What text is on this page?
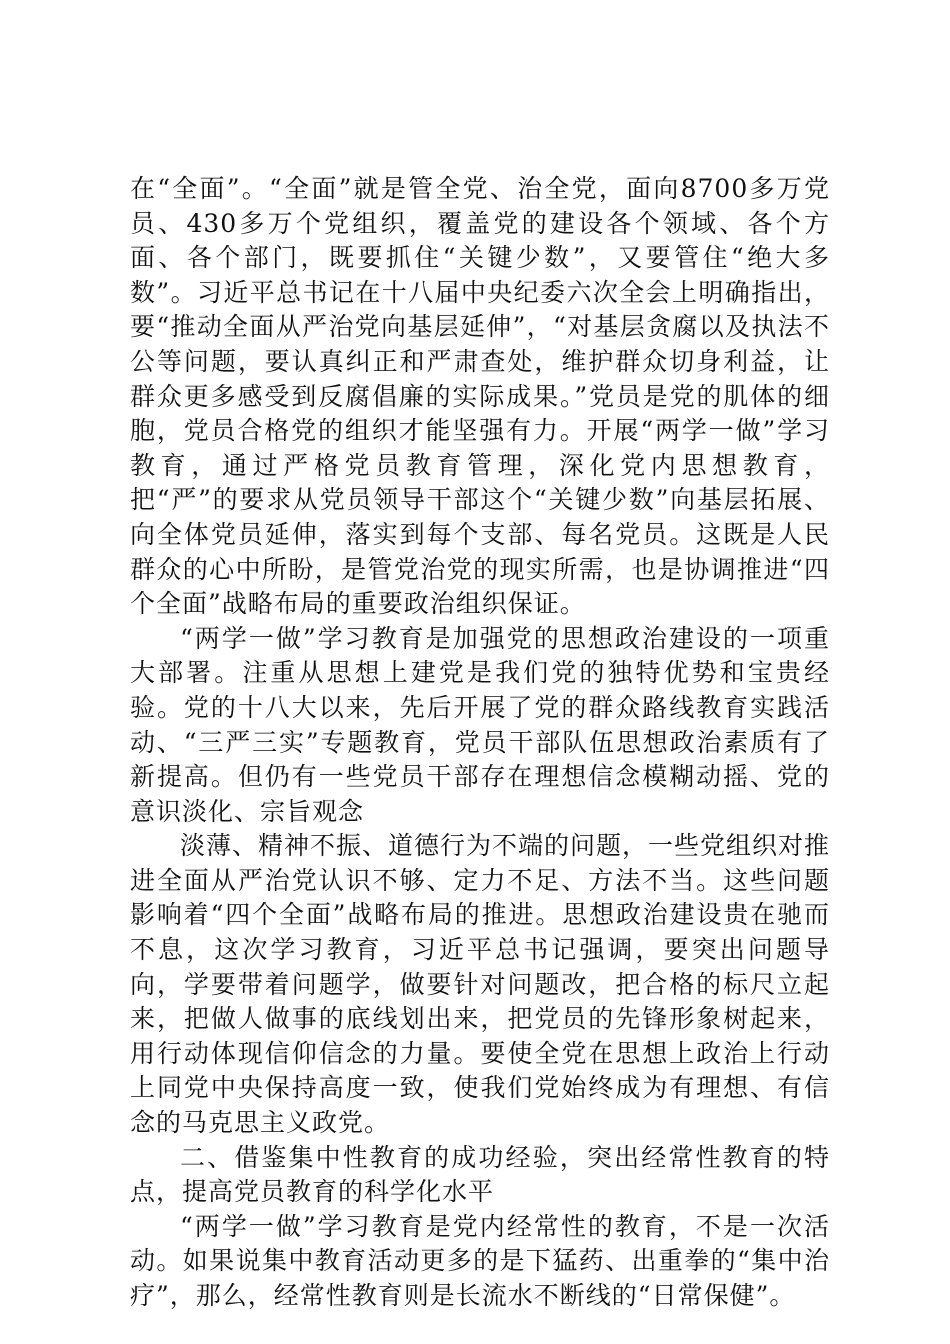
在“全面”。“全面”就是管全党、治全党，面向8700多万党员、430多万个党组织，覆盖党的建设各个领域、各个方面、各个部门，既要抓住“关键少数”，又要管住“绝大多数”。习近平总书记在十八届中央纪委六次全会上明确指出，要“推动全面从严治党向基层延伸”，“对基层贪腐以及执法不公等问题，要认真纠正和严肃查处，维护群众切身利益，让群众更多感受到反腐倡廉的实际成果。”党员是党的肌体的细胞，党员合格党的组织才能坚强有力。开展“两学一做”学习教育，通过严格党员教育管理，深化党内思想教育，把“严”的要求从党员领导干部这个“关键少数”向基层拓展、向全体党员延伸，落实到每个支部、每名党员。这既是人民群众的心中所盼，是管党治党的现实所需，也是协调推进“四个全面”战略布局的重要政治组织保证。

“两学一做”学习教育是加强党的思想政治建设的一项重大部署。注重从思想上建党是我们党的独特优势和宝贵经验。党的十八大以来，先后开展了党的群众路线教育实践活动、“三严三实”专题教育，党员干部队伍思想政治素质有了新提高。但仍有一些党员干部存在理想信念模糊动摇、党的意识淡化、宗旨观念

淡薄、精神不振、道德行为不端的问题，一些党组织对推进全面从严治党认识不够、定力不足、方法不当。这些问题影响着“四个全面”战略布局的推进。思想政治建设贵在驰而不息，这次学习教育，习近平总书记强调，要突出问题导向，学要带着问题学，做要针对问题改，把合格的标尺立起来，把做人做事的底线划出来，把党员的先锋形象树起来，用行动体现信仰信念的力量。要使全党在思想上政治上行动上同党中央保持高度一致，使我们党始终成为有理想、有信念的马克思主义政党。

二、借鉴集中性教育的成功经验，突出经常性教育的特点，提高党员教育的科学化水平

“两学一做”学习教育是党内经常性的教育，不是一次活动。如果说集中教育活动更多的是下猛药、出重拳的“集中治疗”，那么，经常性教育则是长流水不断线的“日常保健”。
